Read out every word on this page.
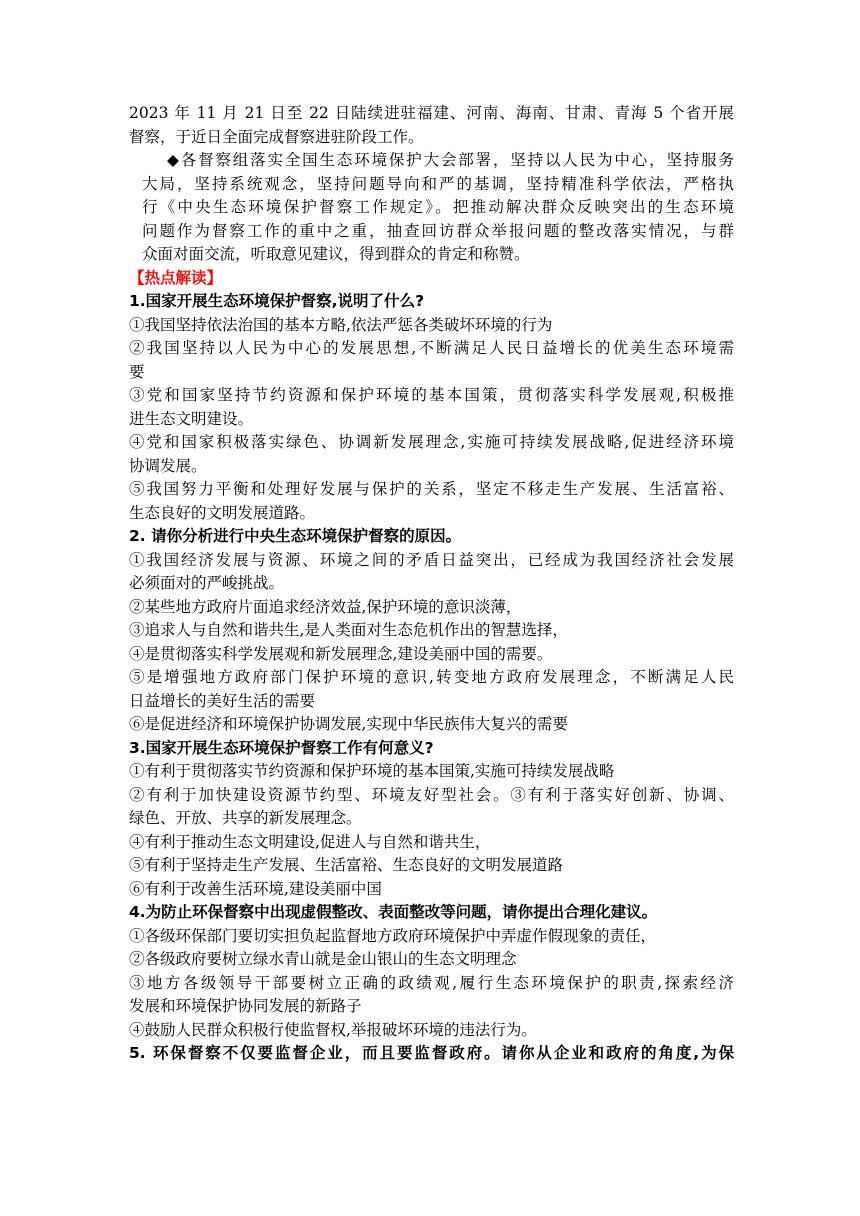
2023 年 11 月 21 日至 22 日陆续进驻福建、河南、海南、甘肃、青海 5 个省开展
督察，于近日全面完成督察进驻阶段工作。
◆各督察组落实全国生态环境保护大会部署，坚持以人民为中心，坚持服务
大局，坚持系统观念，坚持问题导向和严的基调，坚持精准科学依法，严格执
行《中央生态环境保护督察工作规定》。把推动解决群众反映突出的生态环境
问题作为督察工作的重中之重，抽查回访群众举报问题的整改落实情况，与群
众面对面交流，听取意见建议，得到群众的肯定和称赞。
【热点解读】
1.国家开展生态环境保护督察,说明了什么?
①我国坚持依法治国的基本方略,依法严惩各类破坏环境的行为
②我国坚持以人民为中心的发展思想,不断满足人民日益增长的优美生态环境需
要
③党和国家坚持节约资源和保护环境的基本国策，贯彻落实科学发展观,积极推
进生态文明建设。
④党和国家积极落实绿色、协调新发展理念,实施可持续发展战略,促进经济环境
协调发展。
⑤我国努力平衡和处理好发展与保护的关系，坚定不移走生产发展、生活富裕、
生态良好的文明发展道路。
2. 请你分析进行中央生态环境保护督察的原因。
①我国经济发展与资源、环境之间的矛盾日益突出，已经成为我国经济社会发展
必须面对的严峻挑战。
②某些地方政府片面追求经济效益,保护环境的意识淡薄，
③追求人与自然和谐共生,是人类面对生态危机作出的智慧选择，
④是贯彻落实科学发展观和新发展理念,建设美丽中国的需要。
⑤是增强地方政府部门保护环境的意识,转变地方政府发展理念，不断满足人民
日益增长的美好生活的需要
⑥是促进经济和环境保护协调发展,实现中华民族伟大复兴的需要
3.国家开展生态环境保护督察工作有何意义?
①有利于贯彻落实节约资源和保护环境的基本国策,实施可持续发展战略
②有利于加快建设资源节约型、环境友好型社会。③有利于落实好创新、协调、
绿色、开放、共享的新发展理念。
④有利于推动生态文明建设,促进人与自然和谐共生，
⑤有利于坚持走生产发展、生活富裕、生态良好的文明发展道路
⑥有利于改善生活环境,建设美丽中国
4.为防止环保督察中出现虚假整改、表面整改等问题，请你提出合理化建议。
①各级环保部门要切实担负起监督地方政府环境保护中弄虚作假现象的责任，
②各级政府要树立绿水青山就是金山银山的生态文明理念
③地方各级领导干部要树立正确的政绩观,履行生态环境保护的职责,探索经济
发展和环境保护协同发展的新路子
④鼓励人民群众积极行使监督权,举报破坏环境的违法行为。
5. 环保督察不仅要监督企业，而且要监督政府。请你从企业和政府的角度,为保
